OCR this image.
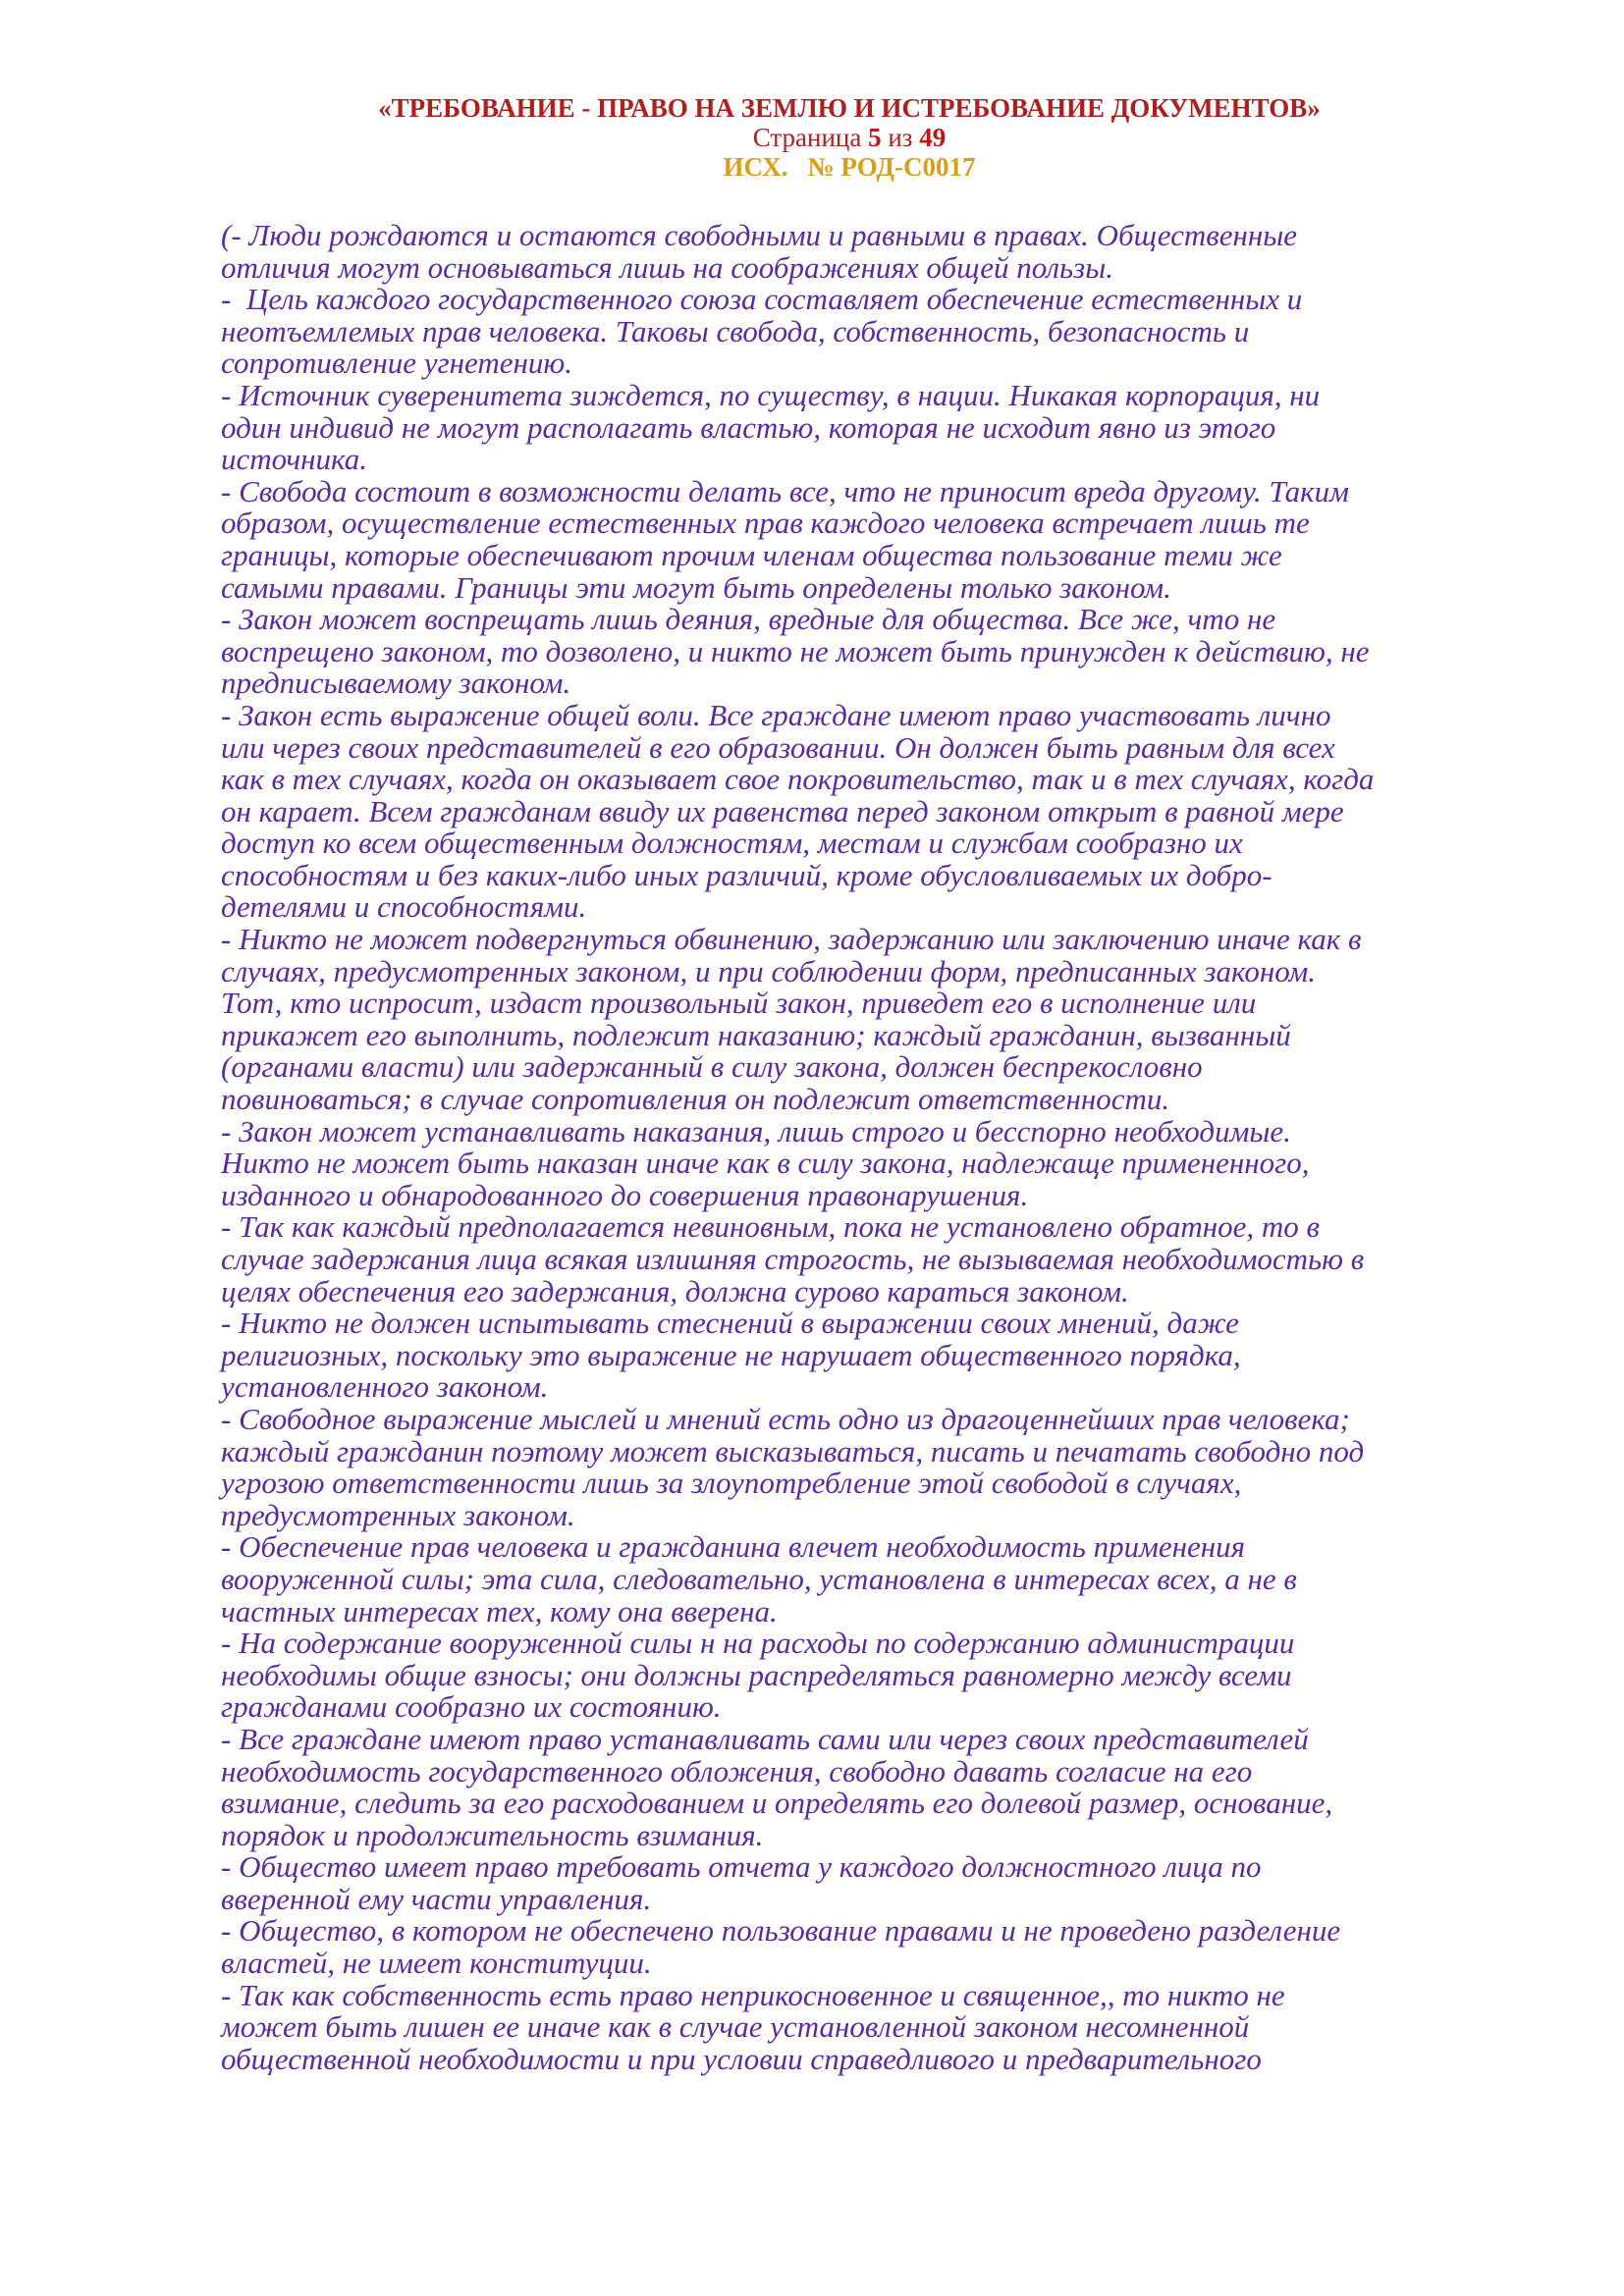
«ТРЕБОВАНИЕ - ПРАВО НА ЗЕМЛЮ И ИСТРЕБОВАНИЕ ДОКУМЕНТОВ»
Страница 5 из 49
ИСХ. № РОД-С0017
(- Люди рождаются и остаются свободными и равными в правах. Общественные
отличия могут основываться лишь на соображениях общей пользы.
-  Цель каждого государственного союза составляет обеспечение естественных и
неотъемлемых прав человека. Таковы свобода, собственность, безопасность и
сопротивление угнетению.
- Источник суверенитета зиждется, по существу, в нации. Никакая корпорация, ни
один индивид не могут располагать властью, которая не исходит явно из этого
источника.
- Свобода состоит в возможности делать все, что не приносит вреда другому. Таким
образом, осуществление естественных прав каждого человека встречает лишь те
границы, которые обеспечивают прочим членам общества пользование теми же
самыми правами. Границы эти могут быть определены только законом.
- Закон может воспрещать лишь деяния, вредные для общества. Все же, что не
воспрещено законом, то дозволено, и никто не может быть принужден к действию, не
предписываемому законом.
- Закон есть выражение общей воли. Все граждане имеют право участвовать лично
или через своих представителей в его образовании. Он должен быть равным для всех
как в тех случаях, когда он оказывает свое покровительство, так и в тех случаях, когда
он карает. Всем гражданам ввиду их равенства перед законом открыт в равной мере
доступ ко всем общественным должностям, местам и службам сообразно их
способностям и без каких-либо иных различий, кроме обусловливаемых их добро-
детелями и способностями.
- Никто не может подвергнуться обвинению, задержанию или заключению иначе как в
случаях, предусмотренных законом, и при соблюдении форм, предписанных законом.
Тот, кто испросит, издаст произвольный закон, приведет его в исполнение или
прикажет его выполнить, подлежит наказанию; каждый гражданин, вызванный
(органами власти) или задержанный в силу закона, должен беспрекословно
повиноваться; в случае сопротивления он подлежит ответственности.
- Закон может устанавливать наказания, лишь строго и бесспорно необходимые.
Никто не может быть наказан иначе как в силу закона, надлежаще примененного,
изданного и обнародованного до совершения правонарушения.
- Так как каждый предполагается невиновным, пока не установлено обратное, то в
случае задержания лица всякая излишняя строгость, не вызываемая необходимостью в
целях обеспечения его задержания, должна сурово караться законом.
- Никто не должен испытывать стеснений в выражении своих мнений, даже
религиозных, поскольку это выражение не нарушает общественного порядка,
установленного законом.
- Свободное выражение мыслей и мнений есть одно из драгоценнейших прав человека;
каждый гражданин поэтому может высказываться, писать и печатать свободно под
угрозою ответственности лишь за злоупотребление этой свободой в случаях,
предусмотренных законом.
- Обеспечение прав человека и гражданина влечет необходимость применения
вооруженной силы; эта сила, следовательно, установлена в интересах всех, а не в
частных интересах тех, кому она вверена.
- На содержание вооруженной силы н на расходы по содержанию администрации
необходимы общие взносы; они должны распределяться равномерно между всеми
гражданами сообразно их состоянию.
- Все граждане имеют право устанавливать сами или через своих представителей
необходимость государственного обложения, свободно давать согласие на его
взимание, следить за его расходованием и определять его долевой размер, основание,
порядок и продолжительность взимания.
- Общество имеет право требовать отчета у каждого должностного лица по
вверенной ему части управления.
- Общество, в котором не обеспечено пользование правами и не проведено разделение
властей, не имеет конституции.
- Так как собственность есть право неприкосновенное и священное,, то никто не
может быть лишен ее иначе как в случае установленной законом несомненной
общественной необходимости и при условии справедливого и предварительного
